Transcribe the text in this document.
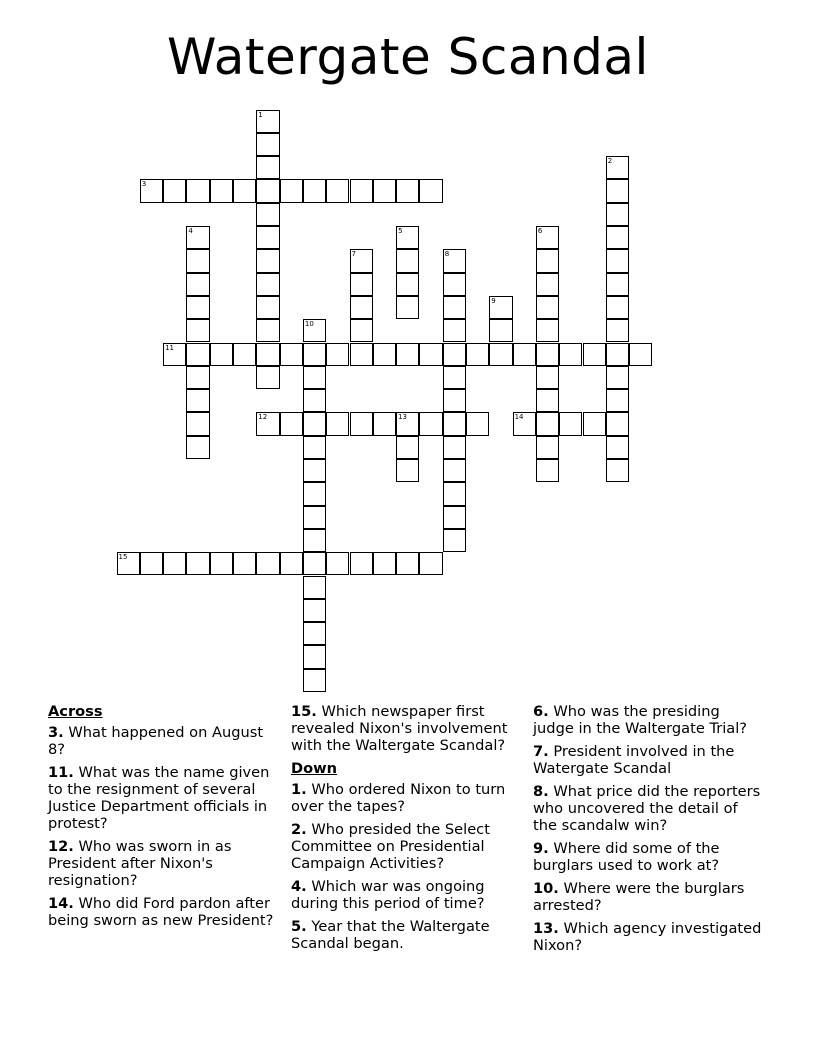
Watergate Scandal
1
2
3
4	5	6
7	8
9
10
11
12	13	14
15
Across
3. What happened on August 8?
11. What was the name given to the resignment of several Justice Department officials in protest?
12. Who was sworn in as President after Nixon's resignation?
14. Who did Ford pardon after being sworn as new President?
15. Which newspaper first revealed Nixon's involvement with the Waltergate Scandal?
Down
1. Who ordered Nixon to turn over the tapes?
2. Who presided the Select Committee on Presidential Campaign Activities?
4. Which war was ongoing during this period of time?
5. Year that the Waltergate Scandal began.
6. Who was the presiding judge in the Waltergate Trial?
7. President involved in the Watergate Scandal
8. What price did the reporters who uncovered the detail of the scandalw win?
9. Where did some of the burglars used to work at?
10. Where were the burglars arrested?
13. Which agency investigated Nixon?
